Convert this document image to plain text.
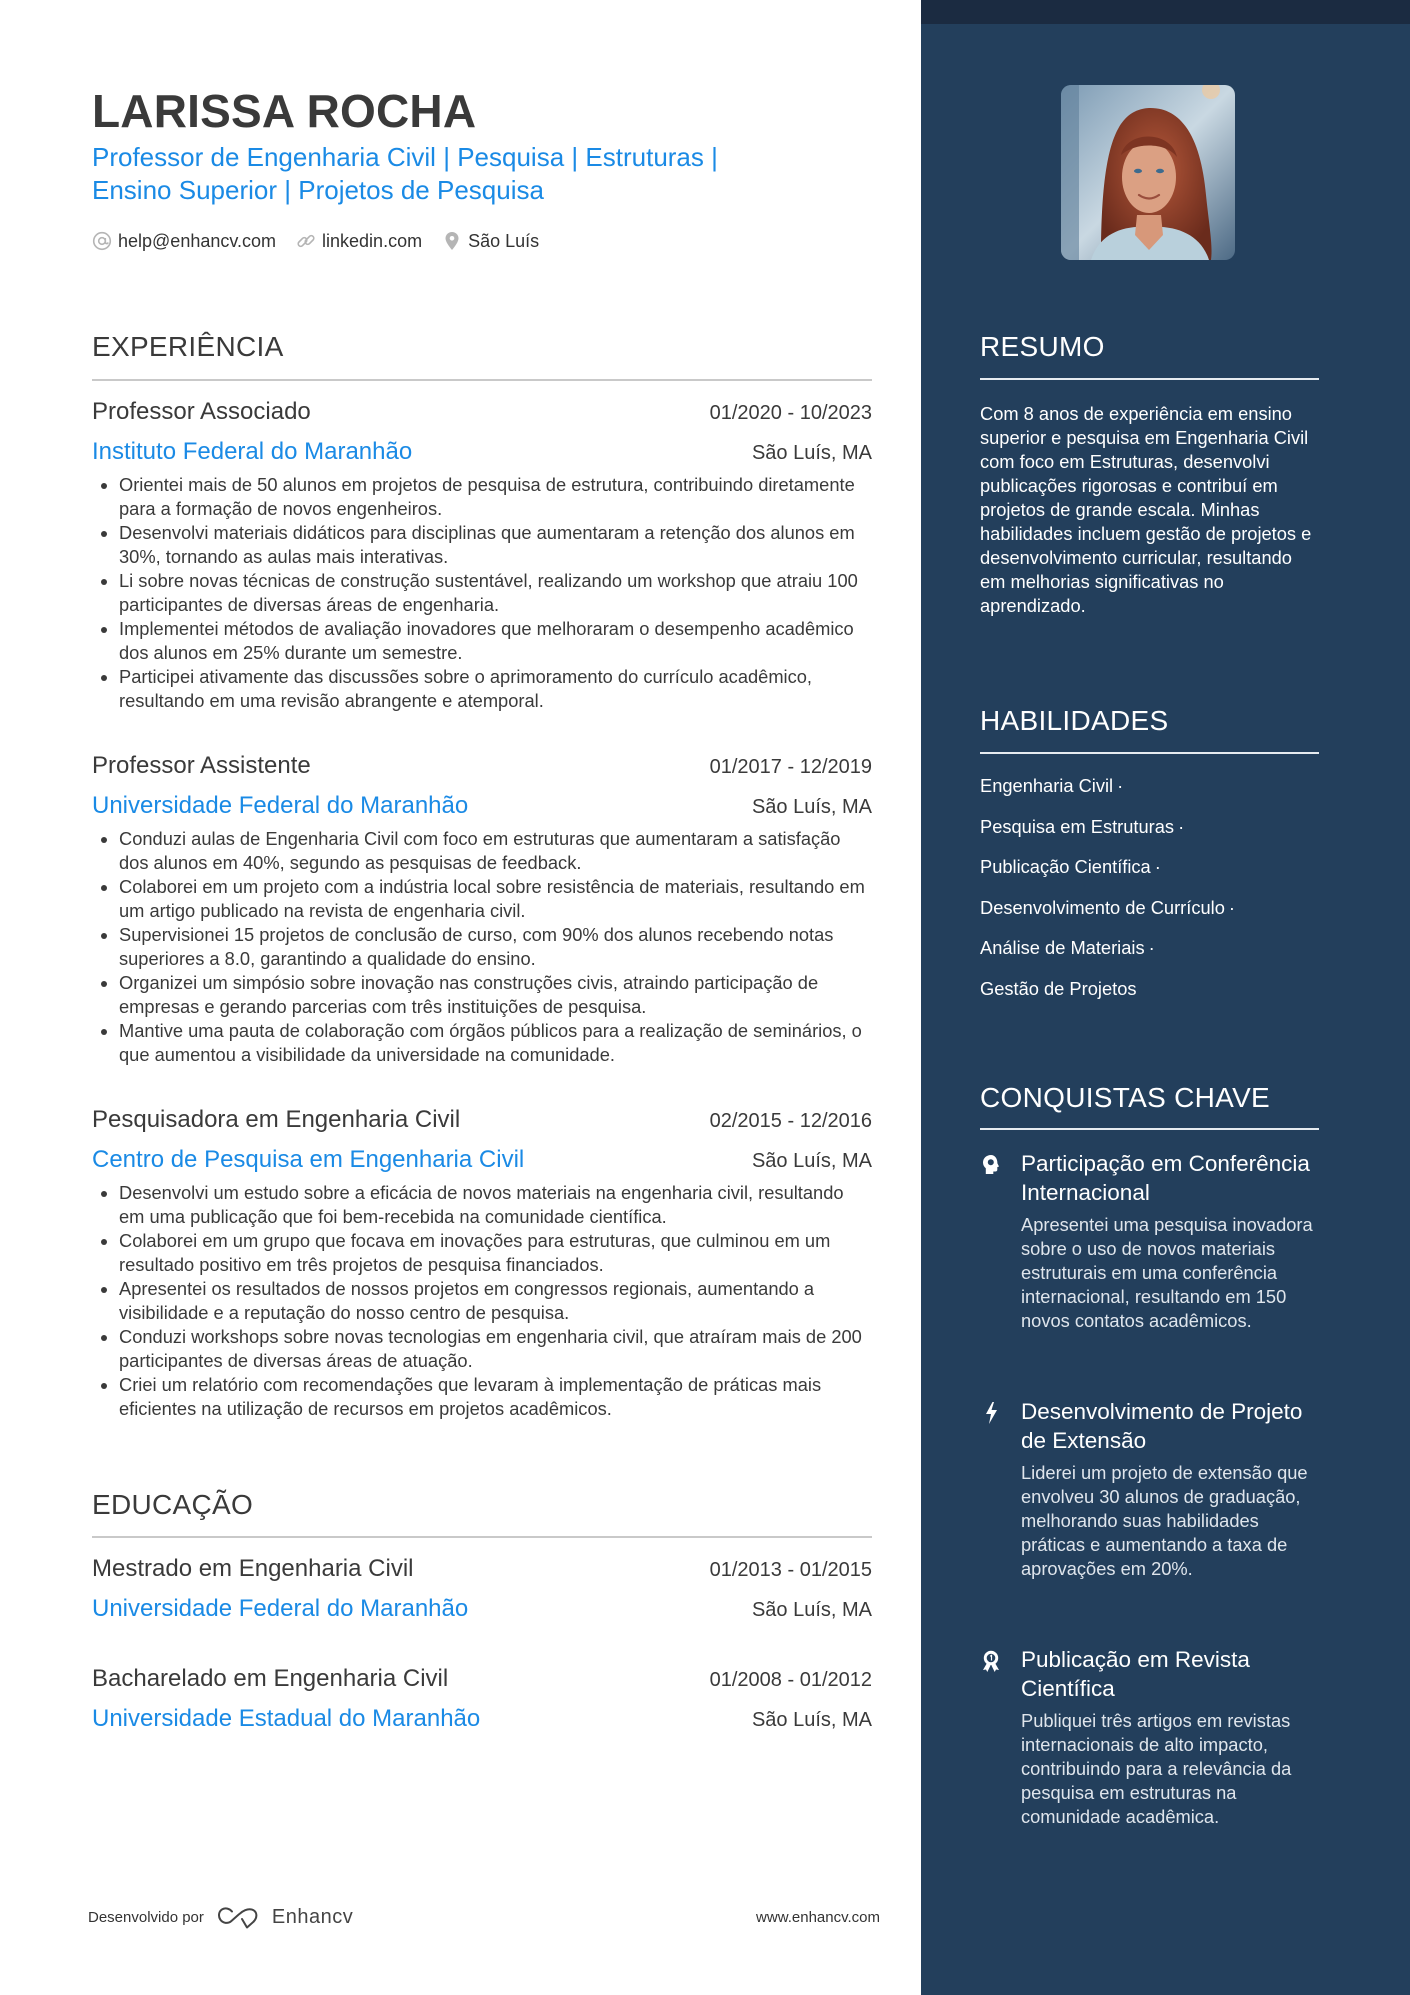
LARISSA ROCHA
Professor de Engenharia Civil | Pesquisa | Estruturas |
Ensino Superior | Projetos de Pesquisa
help@enhancv.com	linkedin.com	São Luís
EXPERIÊNCIA
Professor Associado	01/2020 - 10/2023
Instituto Federal do Maranhão	São Luís, MA
Orientei mais de 50 alunos em projetos de pesquisa de estrutura, contribuindo diretamente para a formação de novos engenheiros.
Desenvolvi materiais didáticos para disciplinas que aumentaram a retenção dos alunos em 30%, tornando as aulas mais interativas.
Li sobre novas técnicas de construção sustentável, realizando um workshop que atraiu 100 participantes de diversas áreas de engenharia.
Implementei métodos de avaliação inovadores que melhoraram o desempenho acadêmico dos alunos em 25% durante um semestre.
Participei ativamente das discussões sobre o aprimoramento do currículo acadêmico, resultando em uma revisão abrangente e atemporal.
Professor Assistente	01/2017 - 12/2019
Universidade Federal do Maranhão	São Luís, MA
Conduzi aulas de Engenharia Civil com foco em estruturas que aumentaram a satisfação dos alunos em 40%, segundo as pesquisas de feedback.
Colaborei em um projeto com a indústria local sobre resistência de materiais, resultando em um artigo publicado na revista de engenharia civil.
Supervisionei 15 projetos de conclusão de curso, com 90% dos alunos recebendo notas superiores a 8.0, garantindo a qualidade do ensino.
Organizei um simpósio sobre inovação nas construções civis, atraindo participação de empresas e gerando parcerias com três instituições de pesquisa.
Mantive uma pauta de colaboração com órgãos públicos para a realização de seminários, o que aumentou a visibilidade da universidade na comunidade.
Pesquisadora em Engenharia Civil	02/2015 - 12/2016
Centro de Pesquisa em Engenharia Civil	São Luís, MA
Desenvolvi um estudo sobre a eficácia de novos materiais na engenharia civil, resultando em uma publicação que foi bem-recebida na comunidade científica.
Colaborei em um grupo que focava em inovações para estruturas, que culminou em um resultado positivo em três projetos de pesquisa financiados.
Apresentei os resultados de nossos projetos em congressos regionais, aumentando a visibilidade e a reputação do nosso centro de pesquisa.
Conduzi workshops sobre novas tecnologias em engenharia civil, que atraíram mais de 200 participantes de diversas áreas de atuação.
Criei um relatório com recomendações que levaram à implementação de práticas mais eficientes na utilização de recursos em projetos acadêmicos.
EDUCAÇÃO
Mestrado em Engenharia Civil	01/2013 - 01/2015
Universidade Federal do Maranhão	São Luís, MA
Bacharelado em Engenharia Civil	01/2008 - 01/2012
Universidade Estadual do Maranhão	São Luís, MA
Desenvolvido por	Enhancv	www.enhancv.com
RESUMO
Com 8 anos de experiência em ensino superior e pesquisa em Engenharia Civil com foco em Estruturas, desenvolvi publicações rigorosas e contribuí em projetos de grande escala. Minhas habilidades incluem gestão de projetos e desenvolvimento curricular, resultando em melhorias significativas no aprendizado.
HABILIDADES
Engenharia Civil ·
Pesquisa em Estruturas ·
Publicação Científica ·
Desenvolvimento de Currículo ·
Análise de Materiais ·
Gestão de Projetos
CONQUISTAS CHAVE
Participação em Conferência Internacional
Apresentei uma pesquisa inovadora sobre o uso de novos materiais estruturais em uma conferência internacional, resultando em 150 novos contatos acadêmicos.
Desenvolvimento de Projeto de Extensão
Liderei um projeto de extensão que envolveu 30 alunos de graduação, melhorando suas habilidades práticas e aumentando a taxa de aprovações em 20%.
Publicação em Revista Científica
Publiquei três artigos em revistas internacionais de alto impacto, contribuindo para a relevância da pesquisa em estruturas na comunidade acadêmica.
